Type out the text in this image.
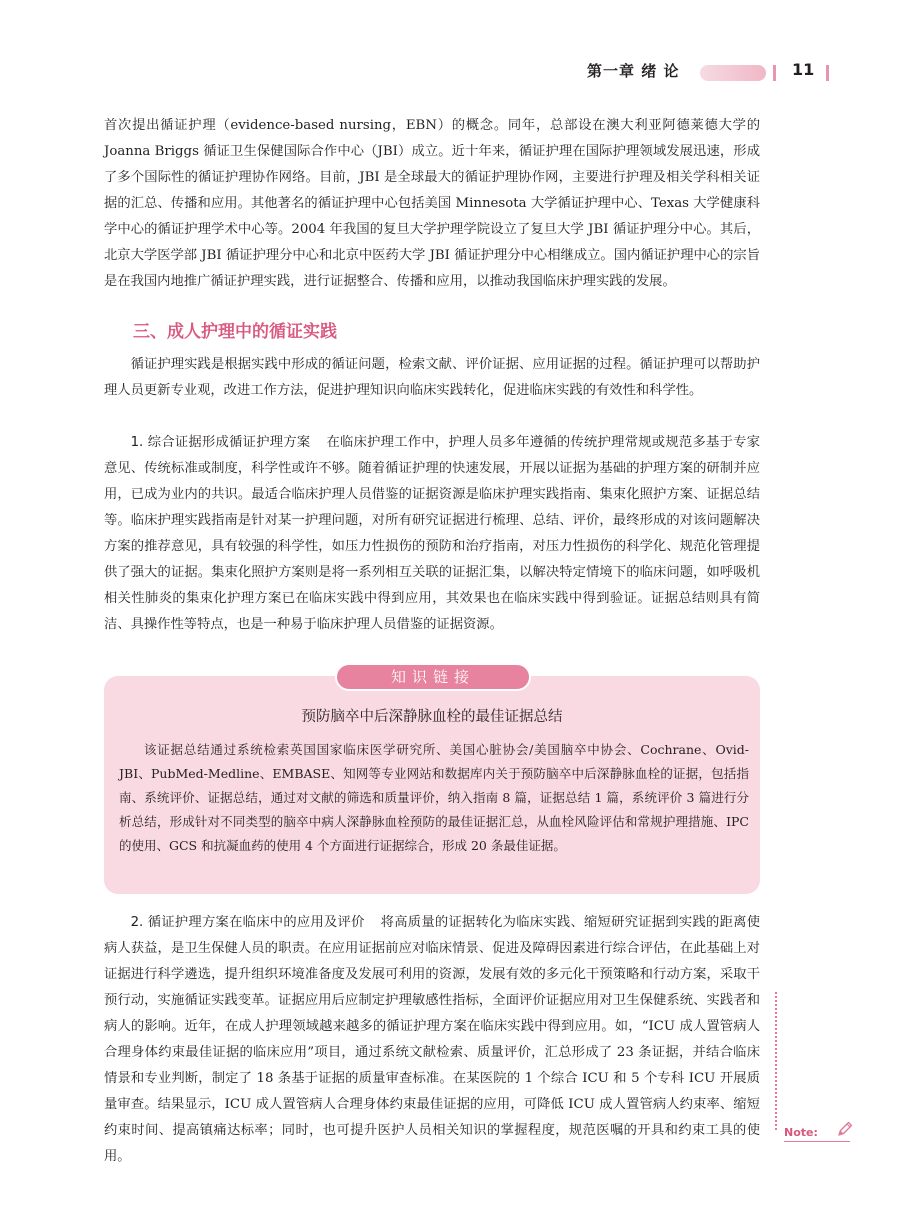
第一章 绪 论	11

首次提出循证护理（evidence-based nursing，EBN）的概念。同年，总部设在澳大利亚阿德莱德大学的Joanna Briggs 循证卫生保健国际合作中心（JBI）成立。近十年来，循证护理在国际护理领域发展迅速，形成了多个国际性的循证护理协作网络。目前，JBI 是全球最大的循证护理协作网，主要进行护理及相关学科相关证据的汇总、传播和应用。其他著名的循证护理中心包括美国 Minnesota 大学循证护理中心、Texas 大学健康科学中心的循证护理学术中心等。2004 年我国的复旦大学护理学院设立了复旦大学 JBI 循证护理分中心。其后，北京大学医学部 JBI 循证护理分中心和北京中医药大学 JBI 循证护理分中心相继成立。国内循证护理中心的宗旨是在我国内地推广循证护理实践，进行证据整合、传播和应用，以推动我国临床护理实践的发展。

三、成人护理中的循证实践

循证护理实践是根据实践中形成的循证问题，检索文献、评价证据、应用证据的过程。循证护理可以帮助护理人员更新专业观，改进工作方法，促进护理知识向临床实践转化，促进临床实践的有效性和科学性。

1. 综合证据形成循证护理方案 在临床护理工作中，护理人员多年遵循的传统护理常规或规范多基于专家意见、传统标准或制度，科学性或许不够。随着循证护理的快速发展，开展以证据为基础的护理方案的研制并应用，已成为业内的共识。最适合临床护理人员借鉴的证据资源是临床护理实践指南、集束化照护方案、证据总结等。临床护理实践指南是针对某一护理问题，对所有研究证据进行梳理、总结、评价，最终形成的对该问题解决方案的推荐意见，具有较强的科学性，如压力性损伤的预防和治疗指南，对压力性损伤的科学化、规范化管理提供了强大的证据。集束化照护方案则是将一系列相互关联的证据汇集，以解决特定情境下的临床问题，如呼吸机相关性肺炎的集束化护理方案已在临床实践中得到应用，其效果也在临床实践中得到验证。证据总结则具有简洁、具操作性等特点，也是一种易于临床护理人员借鉴的证据资源。

知识链接

预防脑卒中后深静脉血栓的最佳证据总结

该证据总结通过系统检索英国国家临床医学研究所、美国心脏协会/美国脑卒中协会、Cochrane、Ovid-JBI、PubMed-Medline、EMBASE、知网等专业网站和数据库内关于预防脑卒中后深静脉血栓的证据，包括指南、系统评价、证据总结，通过对文献的筛选和质量评价，纳入指南 8 篇，证据总结 1 篇，系统评价 3 篇进行分析总结，形成针对不同类型的脑卒中病人深静脉血栓预防的最佳证据汇总，从血栓风险评估和常规护理措施、IPC 的使用、GCS 和抗凝血药的使用 4 个方面进行证据综合，形成 20 条最佳证据。

2. 循证护理方案在临床中的应用及评价 将高质量的证据转化为临床实践、缩短研究证据到实践的距离使病人获益，是卫生保健人员的职责。在应用证据前应对临床情景、促进及障碍因素进行综合评估，在此基础上对证据进行科学遴选，提升组织环境准备度及发展可利用的资源，发展有效的多元化干预策略和行动方案，采取干预行动，实施循证实践变革。证据应用后应制定护理敏感性指标，全面评价证据应用对卫生保健系统、实践者和病人的影响。近年，在成人护理领域越来越多的循证护理方案在临床实践中得到应用。如，“ICU 成人置管病人合理身体约束最佳证据的临床应用”项目，通过系统文献检索、质量评价，汇总形成了 23 条证据，并结合临床情景和专业判断，制定了 18 条基于证据的质量审查标准。在某医院的 1 个综合 ICU 和 5 个专科 ICU 开展质量审查。结果显示，ICU 成人置管病人合理身体约束最佳证据的应用，可降低 ICU 成人置管病人约束率、缩短约束时间、提高镇痛达标率；同时，也可提升医护人员相关知识的掌握程度，规范医嘱的开具和约束工具的使用。

Note:
